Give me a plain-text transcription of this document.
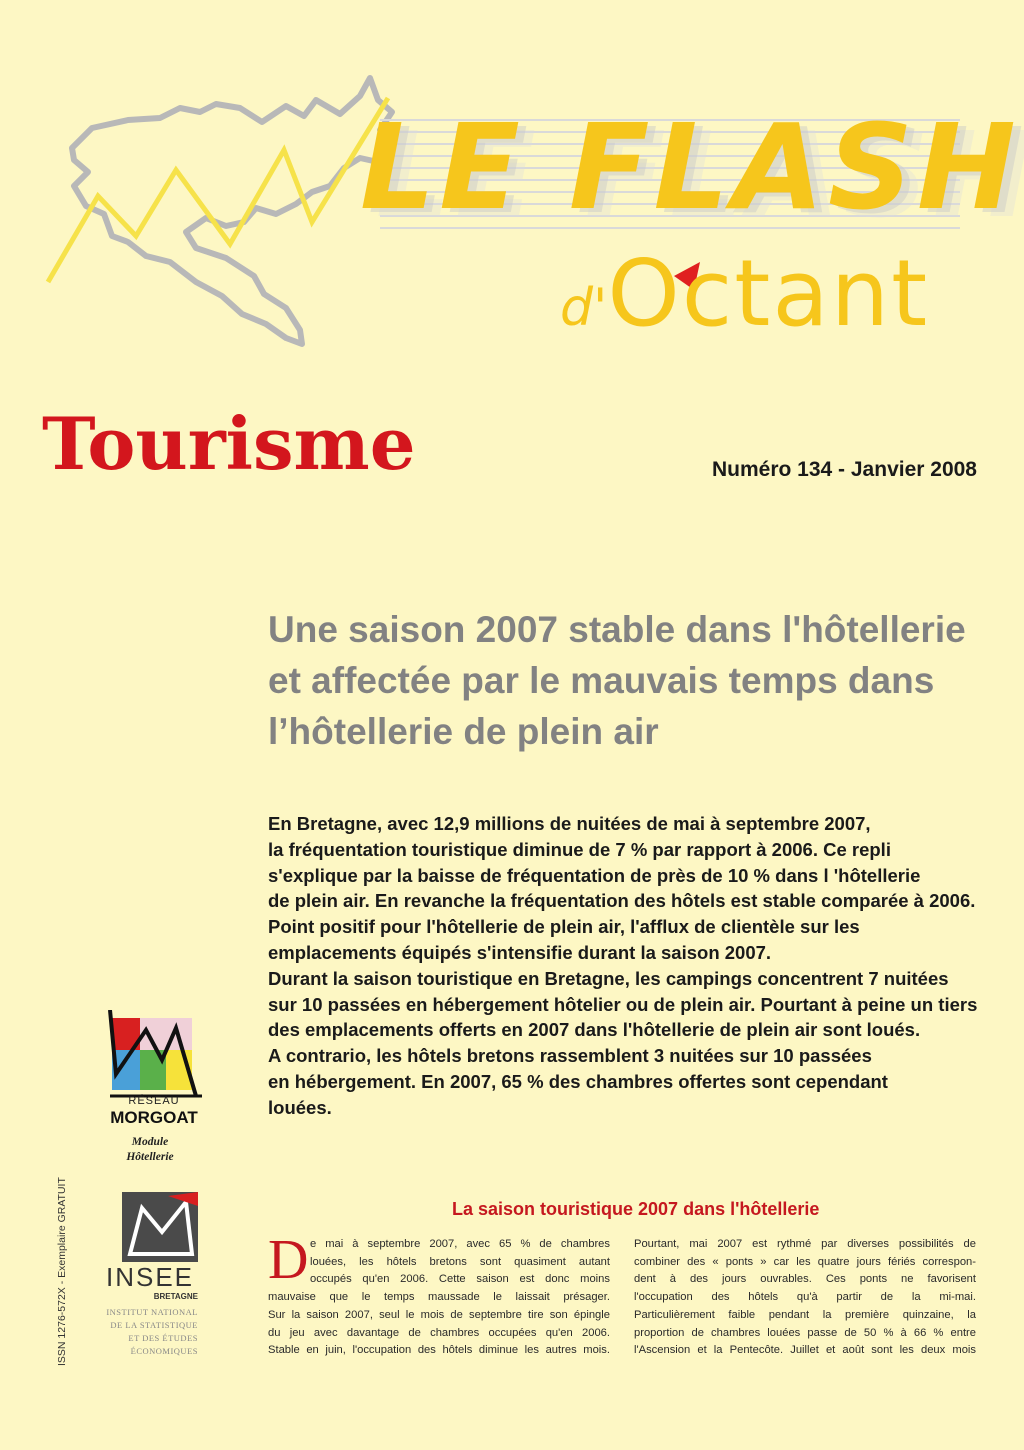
LE FLASH
d'Octant
Tourisme	Numéro 134 - Janvier 2008
Une saison 2007 stable dans l'hôtellerie
et affectée par le mauvais temps dans
l’hôtellerie de plein air
En Bretagne, avec 12,9 millions de nuitées de mai à septembre 2007,
la fréquentation touristique diminue de 7 % par rapport à 2006. Ce repli
s'explique par la baisse de fréquentation de près de 10 % dans l 'hôtellerie
de plein air. En revanche la fréquentation des hôtels est stable comparée à 2006.
Point positif pour l'hôtellerie de plein air, l'afflux de clientèle sur les
emplacements équipés s'intensifie durant la saison 2007.
Durant la saison touristique en Bretagne, les campings concentrent 7 nuitées
sur 10 passées en hébergement hôtelier ou de plein air. Pourtant à peine un tiers
des emplacements offerts en 2007 dans l'hôtellerie de plein air sont loués.
A contrario, les hôtels bretons rassemblent 3 nuitées sur 10 passées
en hébergement. En 2007, 65 % des chambres offertes sont cependant
louées.
RÉSEAU
MORGOAT
Module
Hôtellerie
INSEE
BRETAGNE
INSTITUT NATIONAL
DE LA STATISTIQUE
ET DES ÉTUDES
ÉCONOMIQUES
ISSN 1276-572X - Exemplaire GRATUIT	La saison touristique 2007 dans l'hôtellerie
D e mai à septembre 2007, avec 65 % de chambres
louées, les hôtels bretons sont quasiment autant
occupés qu'en 2006. Cette saison est donc moins
mauvaise que le temps maussade le laissait présager.
Sur la saison 2007, seul le mois de septembre tire son épingle
du jeu avec davantage de chambres occupées qu'en 2006.
Stable en juin, l'occupation des hôtels diminue les autres mois.
Pourtant, mai 2007 est rythmé par diverses possibilités de
combiner des « ponts » car les quatre jours fériés correspon-
dent à des jours ouvrables. Ces ponts ne favorisent
l'occupation des hôtels qu'à partir de la mi-mai.
Particulièrement faible pendant la première quinzaine, la
proportion de chambres louées passe de 50 % à 66 % entre
l'Ascension et la Pentecôte. Juillet et août sont les deux mois
